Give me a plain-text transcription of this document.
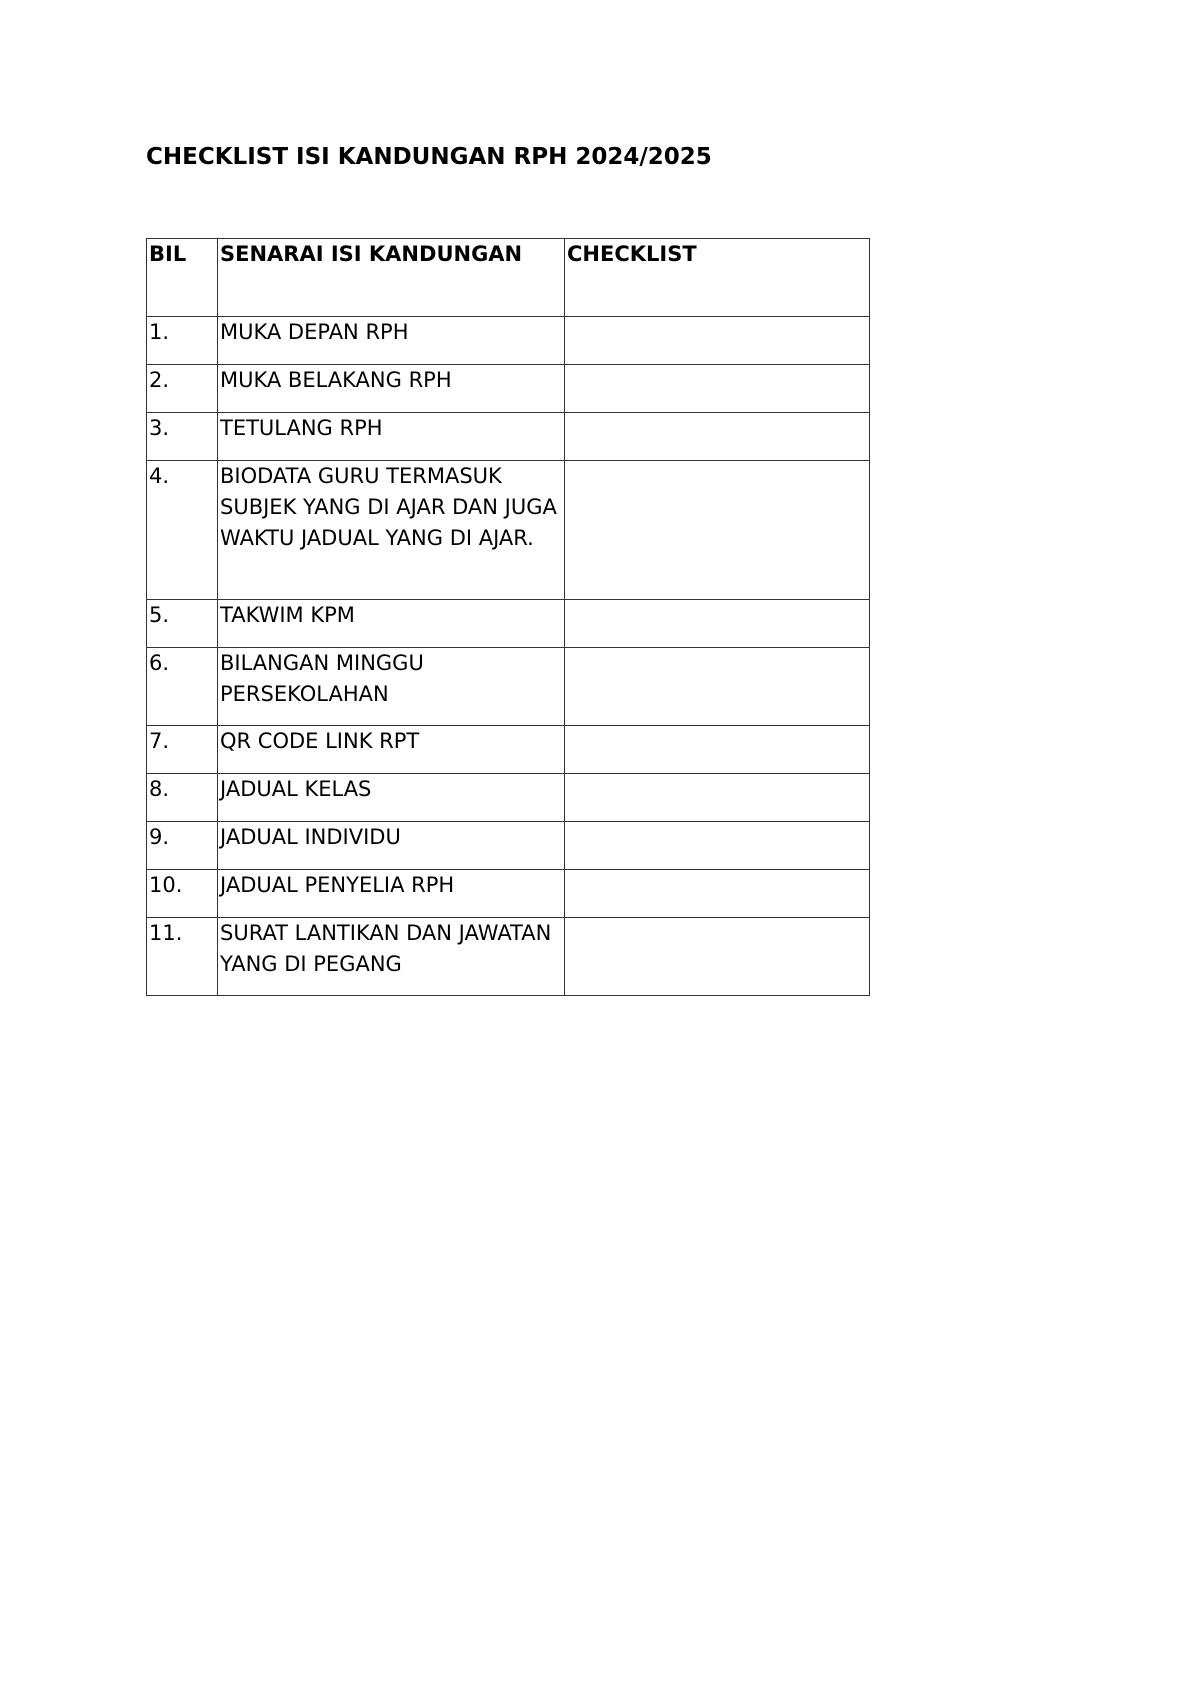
CHECKLIST ISI KANDUNGAN RPH 2024/2025
BIL	SENARAI ISI KANDUNGAN	CHECKLIST
1.	MUKA DEPAN RPH	
2.	MUKA BELAKANG RPH	
3.	TETULANG RPH	
4.	BIODATA GURU TERMASUK SUBJEK YANG DI AJAR DAN JUGA WAKTU JADUAL YANG DI AJAR.	
5.	TAKWIM KPM	
6.	BILANGAN MINGGU PERSEKOLAHAN	
7.	QR CODE LINK RPT	
8.	JADUAL KELAS	
9.	JADUAL INDIVIDU	
10.	JADUAL PENYELIA RPH	
11.	SURAT LANTIKAN DAN JAWATAN YANG DI PEGANG	
